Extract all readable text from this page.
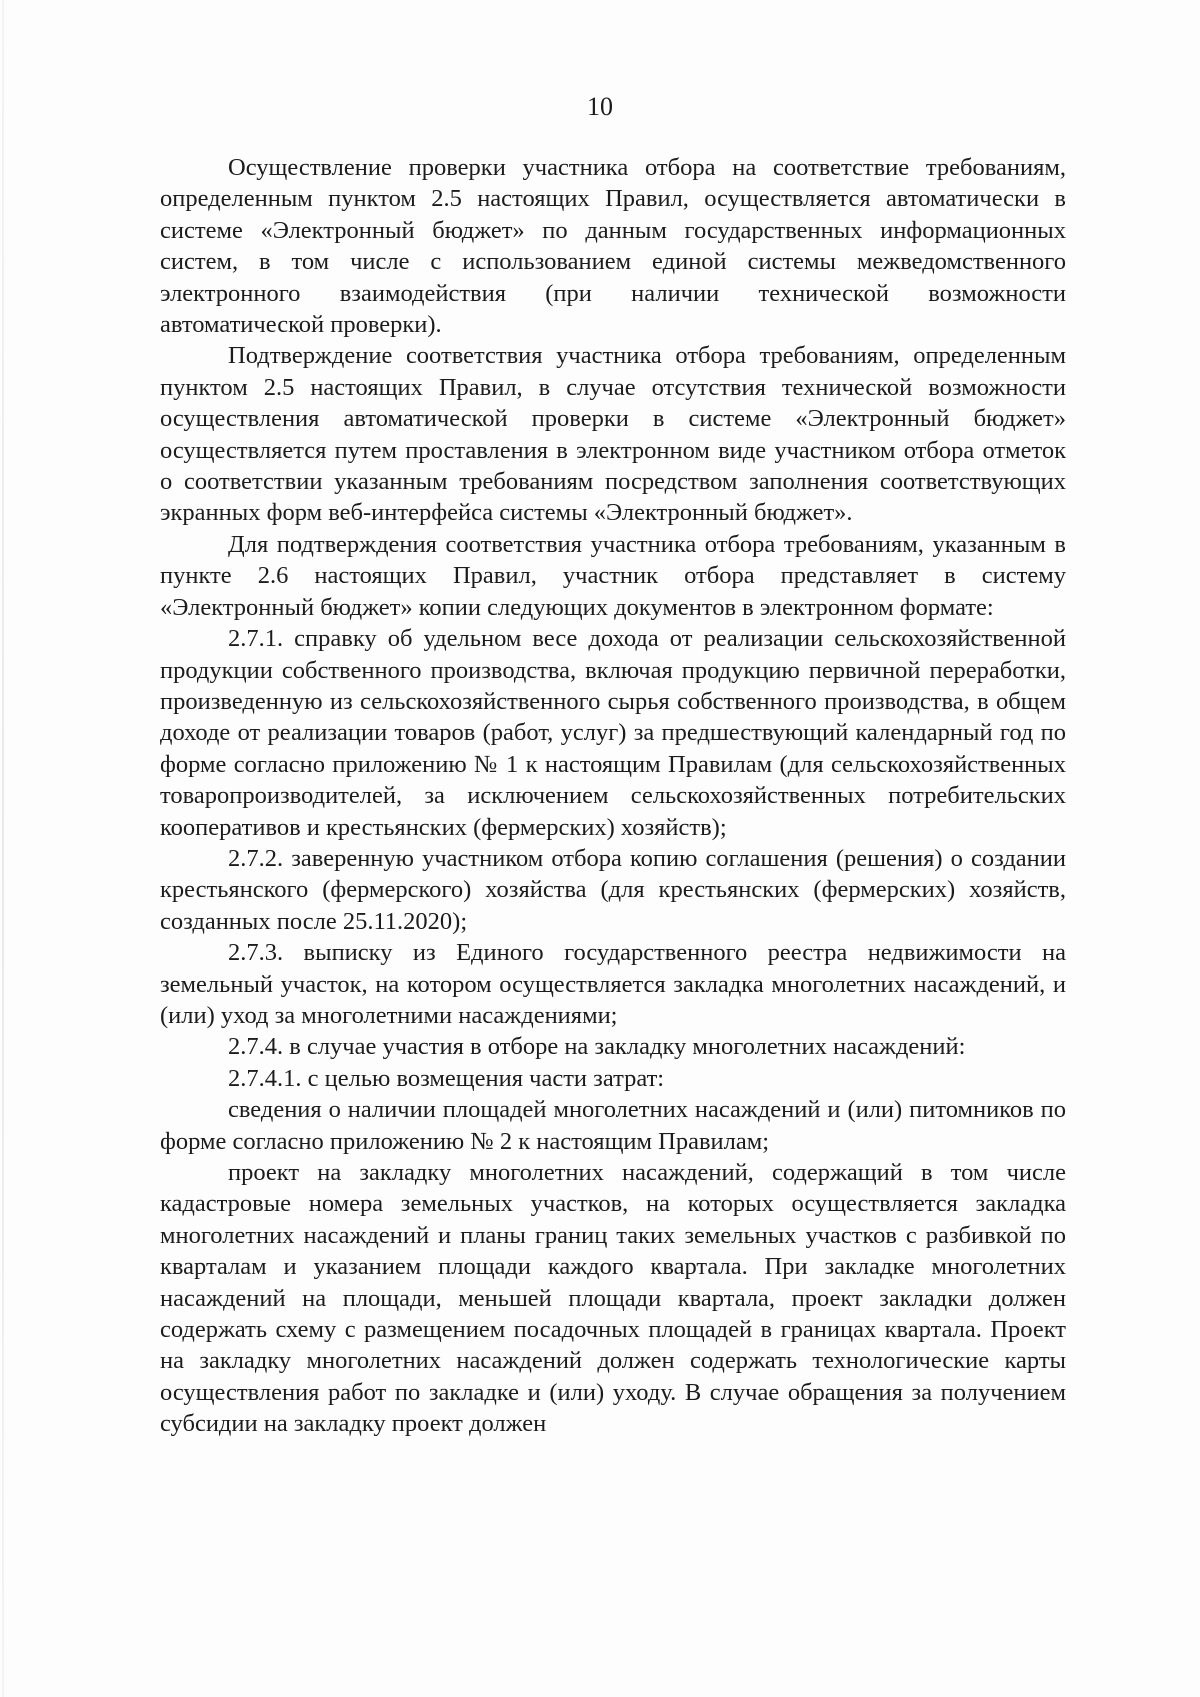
10

Осуществление проверки участника отбора на соответствие требованиям, определенным пунктом 2.5 настоящих Правил, осуществляется автоматически в системе «Электронный бюджет» по данным государственных информационных систем, в том числе с использованием единой системы межведомственного электронного взаимодействия (при наличии технической возможности автоматической проверки).

Подтверждение соответствия участника отбора требованиям, определенным пунктом 2.5 настоящих Правил, в случае отсутствия технической возможности осуществления автоматической проверки в системе «Электронный бюджет» осуществляется путем проставления в электронном виде участником отбора отметок о соответствии указанным требованиям посредством заполнения соответствующих экранных форм веб-интерфейса системы «Электронный бюджет».

Для подтверждения соответствия участника отбора требованиям, указанным в пункте 2.6 настоящих Правил, участник отбора представляет в систему «Электронный бюджет» копии следующих документов в электронном формате:

2.7.1. справку об удельном весе дохода от реализации сельскохозяйственной продукции собственного производства, включая продукцию первичной переработки, произведенную из сельскохозяйственного сырья собственного производства, в общем доходе от реализации товаров (работ, услуг) за предшествующий календарный год по форме согласно приложению № 1 к настоящим Правилам (для сельскохозяйственных товаропроизводителей, за исключением сельскохозяйственных потребительских кооперативов и крестьянских (фермерских) хозяйств);

2.7.2. заверенную участником отбора копию соглашения (решения) о создании крестьянского (фермерского) хозяйства (для крестьянских (фермерских) хозяйств, созданных после 25.11.2020);

2.7.3. выписку из Единого государственного реестра недвижимости на земельный участок, на котором осуществляется закладка многолетних насаждений, и (или) уход за многолетними насаждениями;

2.7.4. в случае участия в отборе на закладку многолетних насаждений:

2.7.4.1. с целью возмещения части затрат:

сведения о наличии площадей многолетних насаждений и (или) питомников по форме согласно приложению № 2 к настоящим Правилам;

проект на закладку многолетних насаждений, содержащий в том числе кадастровые номера земельных участков, на которых осуществляется закладка многолетних насаждений и планы границ таких земельных участков с разбивкой по кварталам и указанием площади каждого квартала. При закладке многолетних насаждений на площади, меньшей площади квартала, проект закладки должен содержать схему с размещением посадочных площадей в границах квартала. Проект на закладку многолетних насаждений должен содержать технологические карты осуществления работ по закладке и (или) уходу. В случае обращения за получением субсидии на закладку проект должен
